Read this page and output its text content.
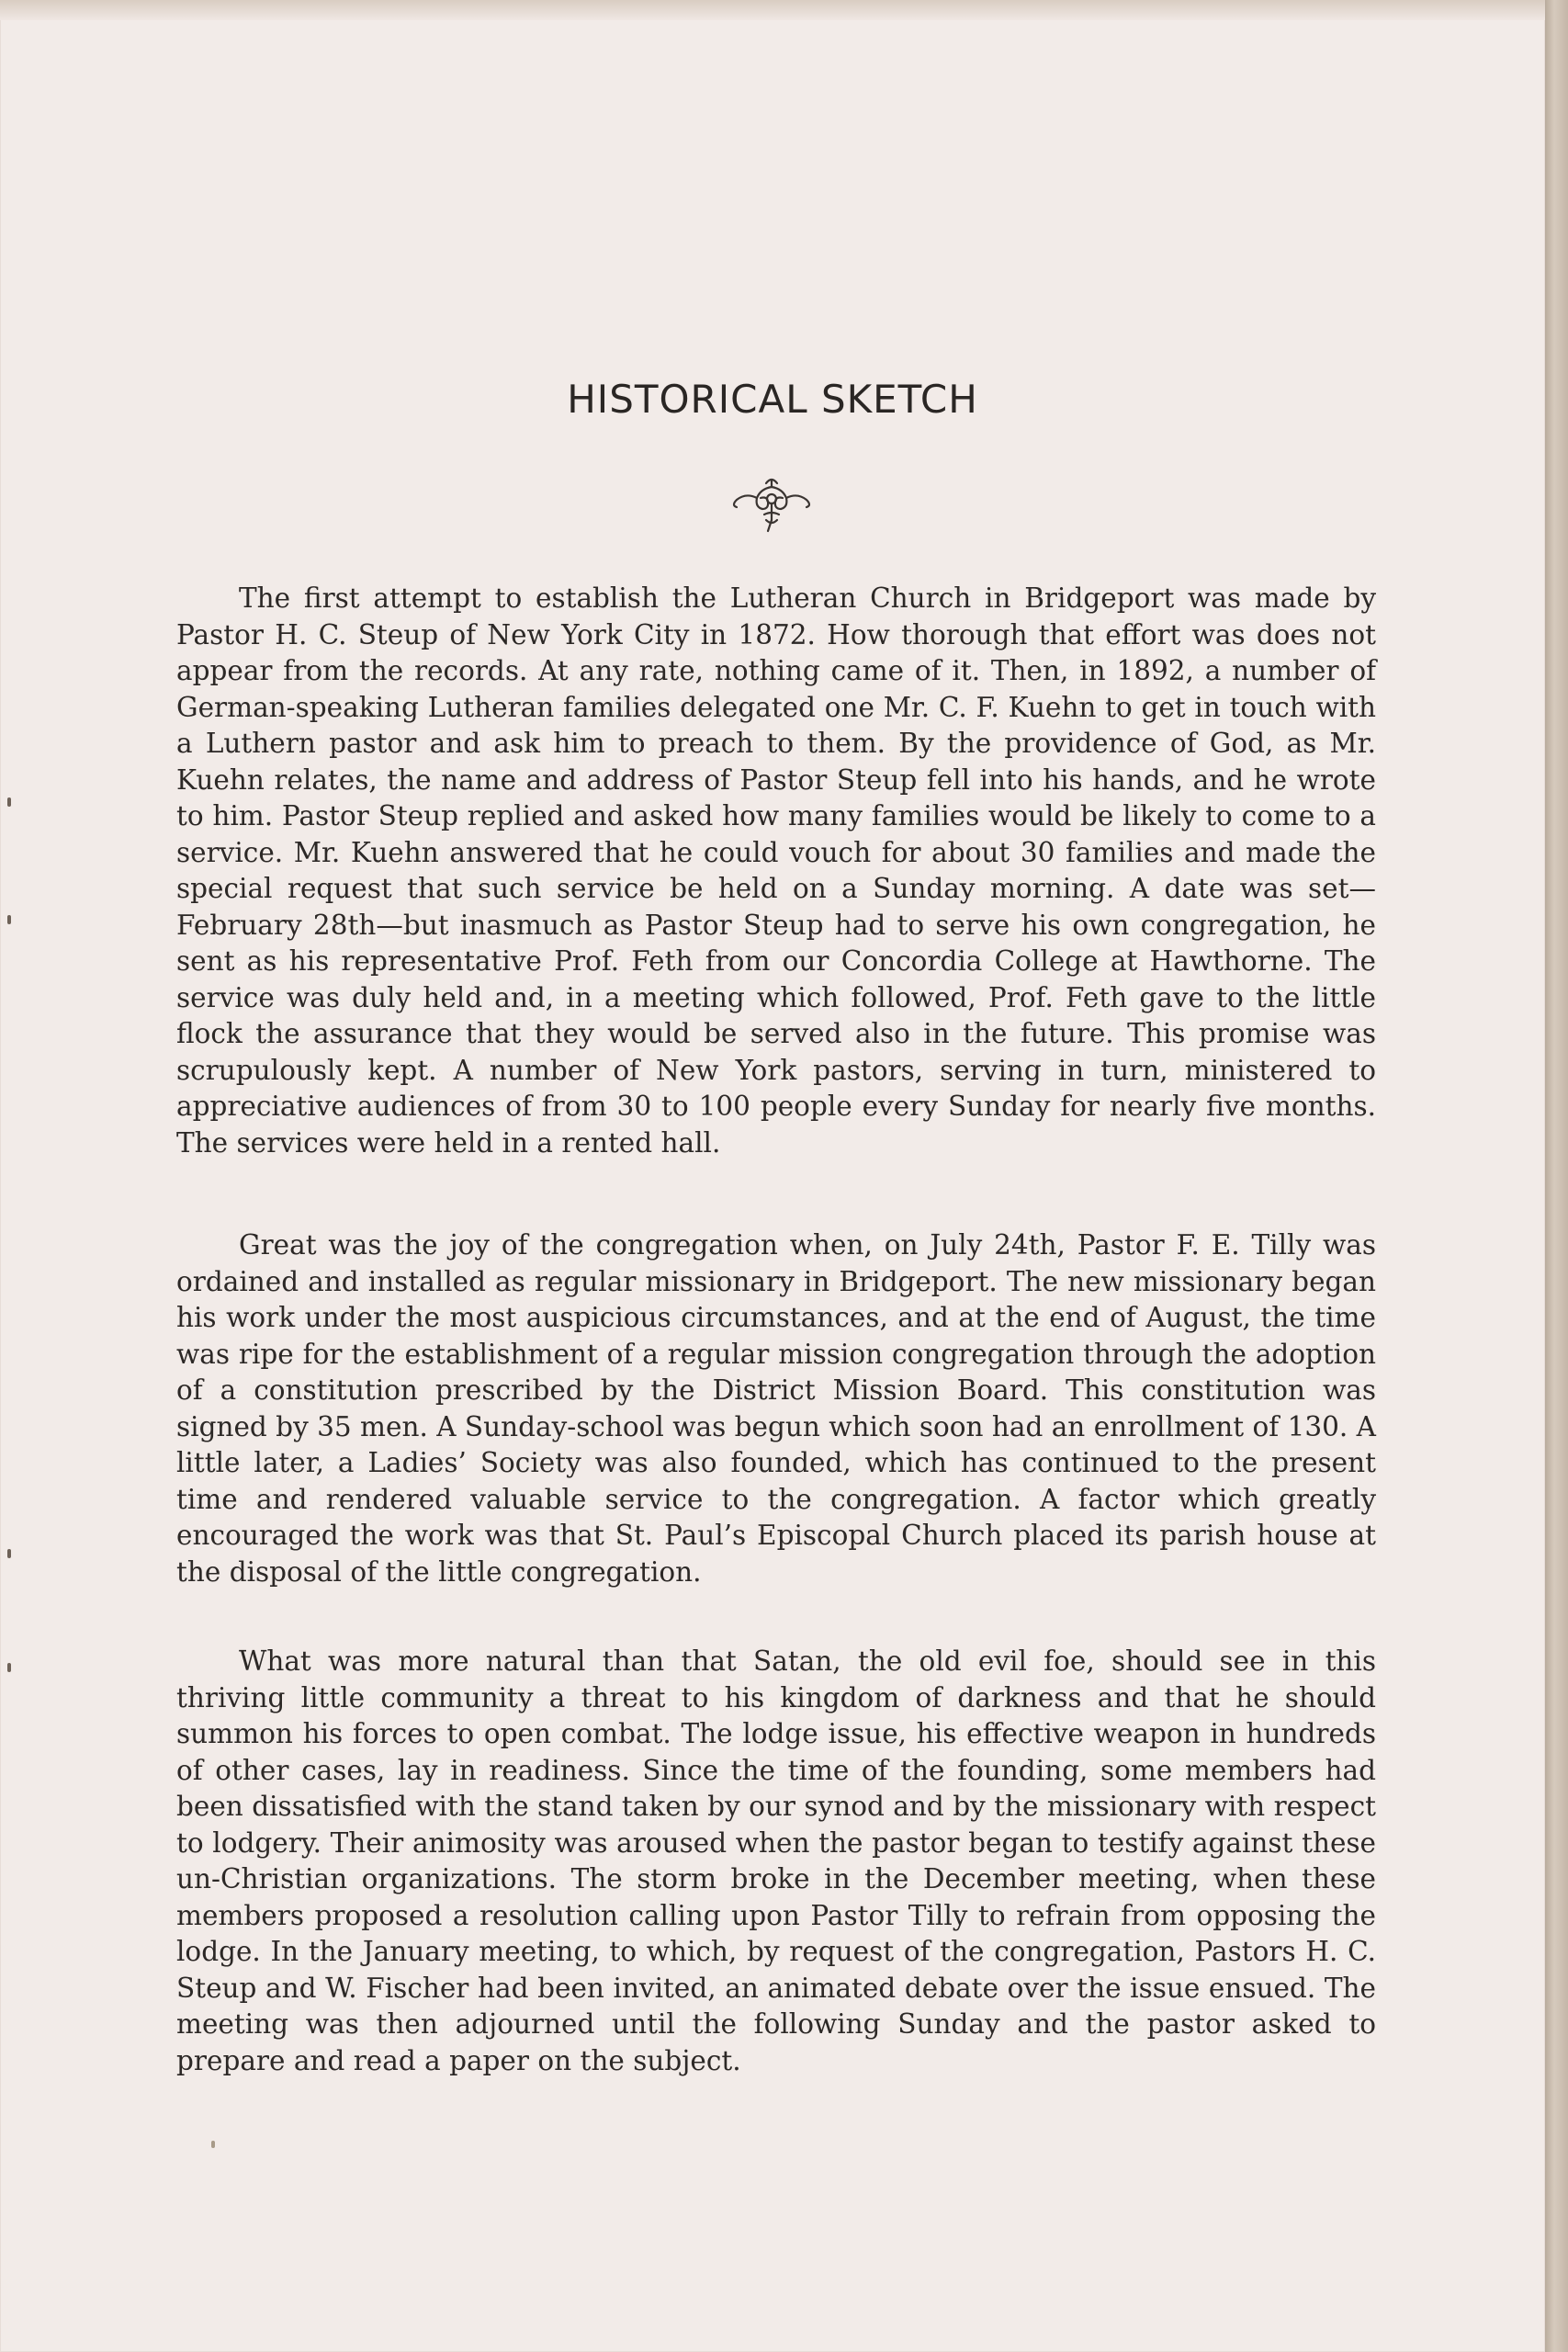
HISTORICAL SKETCH

The first attempt to establish the Lutheran Church in Bridgeport was made by Pastor H. C. Steup of New York City in 1872. How thorough that effort was does not appear from the records. At any rate, nothing came of it. Then, in 1892, a number of German-speaking Lutheran families delegated one Mr. C. F. Kuehn to get in touch with a Luthern pastor and ask him to preach to them. By the providence of God, as Mr. Kuehn relates, the name and address of Pastor Steup fell into his hands, and he wrote to him. Pastor Steup replied and asked how many families would be likely to come to a service. Mr. Kuehn answered that he could vouch for about 30 families and made the special request that such service be held on a Sunday morning. A date was set—February 28th—but inasmuch as Pastor Steup had to serve his own congregation, he sent as his representative Prof. Feth from our Concordia College at Hawthorne. The service was duly held and, in a meeting which followed, Prof. Feth gave to the little flock the assurance that they would be served also in the future. This promise was scrupulously kept. A number of New York pastors, serving in turn, ministered to appreciative audiences of from 30 to 100 people every Sunday for nearly five months. The services were held in a rented hall.

Great was the joy of the congregation when, on July 24th, Pastor F. E. Tilly was ordained and installed as regular missionary in Bridgeport. The new missionary began his work under the most auspicious circumstances, and at the end of August, the time was ripe for the establishment of a regular mission congregation through the adoption of a constitution prescribed by the District Mission Board. This constitution was signed by 35 men. A Sunday-school was begun which soon had an enrollment of 130. A little later, a Ladies’ Society was also founded, which has continued to the present time and rendered valuable service to the congregation. A factor which greatly encouraged the work was that St. Paul’s Episcopal Church placed its parish house at the disposal of the little congregation.

What was more natural than that Satan, the old evil foe, should see in this thriving little community a threat to his kingdom of darkness and that he should summon his forces to open combat. The lodge issue, his effective weapon in hundreds of other cases, lay in readiness. Since the time of the founding, some members had been dissatisfied with the stand taken by our synod and by the missionary with respect to lodgery. Their animosity was aroused when the pastor began to testify against these un-Christian organizations. The storm broke in the December meeting, when these members proposed a resolution calling upon Pastor Tilly to refrain from opposing the lodge. In the January meeting, to which, by request of the congregation, Pastors H. C. Steup and W. Fischer had been invited, an animated debate over the issue ensued. The meeting was then adjourned until the following Sunday and the pastor asked to prepare and read a paper on the subject.
